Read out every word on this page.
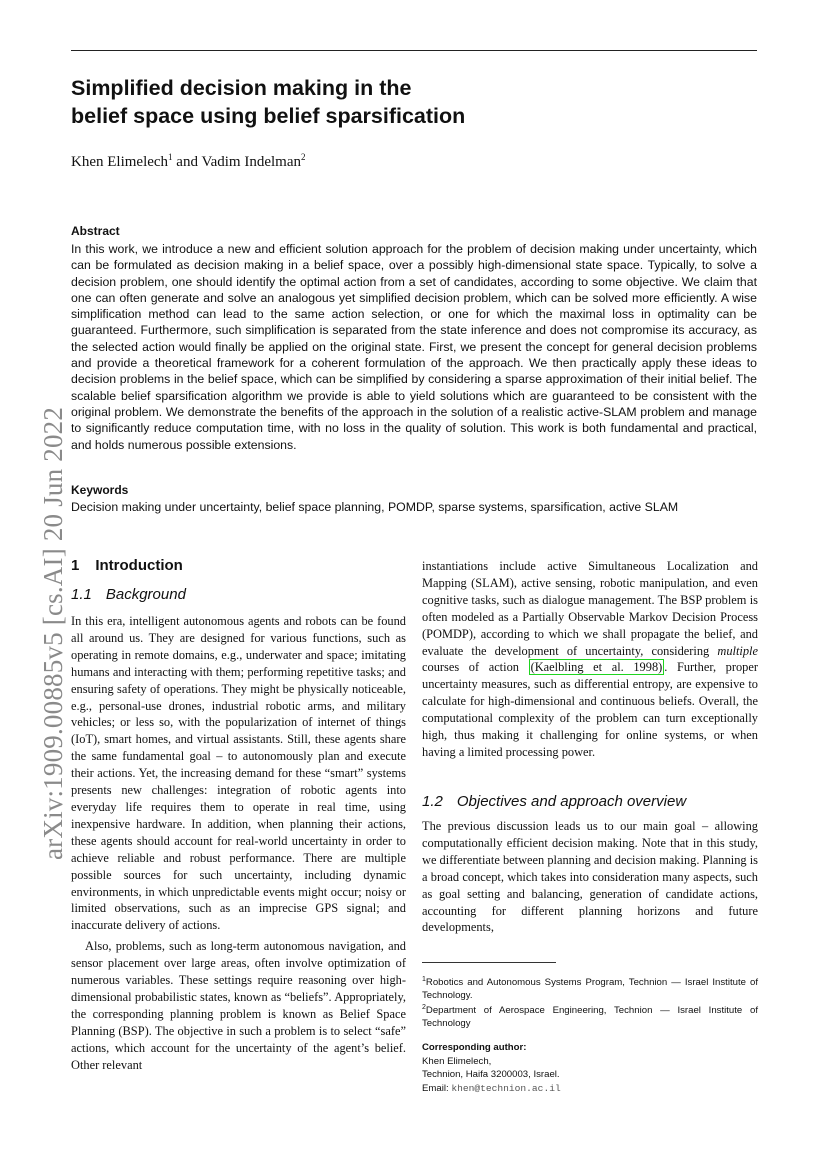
Simplified decision making in the
belief space using belief sparsification
Khen Elimelech$^1$ and Vadim Indelman$^2$
Abstract

In this work, we introduce a new and efficient solution approach for the problem of decision making under uncertainty, which can be formulated as decision making in a belief space, over a possibly high-dimensional state space. Typically, to solve a decision problem, one should identify the optimal action from a set of candidates, according to some objective. We claim that one can often generate and solve an analogous yet simplified decision problem, which can be solved more efficiently. A wise simplification method can lead to the same action selection, or one for which the maximal loss in optimality can be guaranteed. Furthermore, such simplification is separated from the state inference and does not compromise its accuracy, as the selected action would finally be applied on the original state. First, we present the concept for general decision problems and provide a theoretical framework for a coherent formulation of the approach. We then practically apply these ideas to decision problems in the belief space, which can be simplified by considering a sparse approximation of their initial belief. The scalable belief sparsification algorithm we provide is able to yield solutions which are guaranteed to be consistent with the original problem. We demonstrate the benefits of the approach in the solution of a realistic active-SLAM problem and manage to significantly reduce computation time, with no loss in the quality of solution. This work is both fundamental and practical, and holds numerous possible extensions.

Keywords

Decision making under uncertainty, belief space planning, POMDP, sparse systems, sparsification, active SLAM

arXiv:1909.00885v5 [cs.AI] 20 Jun 2022 1 Introduction
1.1 Background

In this era, intelligent autonomous agents and robots can be found all around us. They are designed for various functions, such as operating in remote domains, e.g., underwater and space; imitating humans and interacting with them; performing repetitive tasks; and ensuring safety of operations. They might be physically noticeable, e.g., personal-use drones, industrial robotic arms, and military vehicles; or less so, with the popularization of internet of things (IoT), smart homes, and virtual assistants. Still, these agents share the same fundamental goal – to autonomously plan and execute their actions. Yet, the increasing demand for these “smart” systems presents new challenges: integration of robotic agents into everyday life requires them to operate in real time, using inexpensive hardware. In addition, when planning their actions, these agents should account for real-world uncertainty in order to achieve reliable and robust performance. There are multiple possible sources for such uncertainty, including dynamic environments, in which unpredictable events might occur; noisy or limited observations, such as an imprecise GPS signal; and inaccurate delivery of actions.

Also, problems, such as long-term autonomous navigation, and sensor placement over large areas, often involve optimization of numerous variables. These settings require reasoning over high-dimensional probabilistic states, known as “beliefs”. Appropriately, the corresponding planning problem is known as Belief Space Planning (BSP). The objective in such a problem is to select “safe” actions, which account for the uncertainty of the agent’s belief. Other relevant

instantiations include active Simultaneous Localization and Mapping (SLAM), active sensing, robotic manipulation, and even cognitive tasks, such as dialogue management. The BSP problem is often modeled as a Partially Observable Markov Decision Process (POMDP), according to which we shall propagate the belief, and evaluate the development of uncertainty, considering multiple courses of action (Kaelbling et al. 1998) . Further, proper uncertainty measures, such as differential entropy, are expensive to calculate for high-dimensional and continuous beliefs. Overall, the computational complexity of the problem can turn exceptionally high, thus making it challenging for online systems, or when having a limited processing power.

1.2 Objectives and approach overview

The previous discussion leads us to our main goal – allowing computationally efficient decision making. Note that in this study, we differentiate between planning and decision making. Planning is a broad concept, which takes into consideration many aspects, such as goal setting and balancing, generation of candidate actions, accounting for different planning horizons and future developments,

$^1$Robotics and Autonomous Systems Program, Technion — Israel Institute of Technology.
$^2$Department of Aerospace Engineering, Technion — Israel Institute of Technology
Corresponding author:
Khen Elimelech,
Technion, Haifa 3200003, Israel.
Email: khen@technion.ac.il
